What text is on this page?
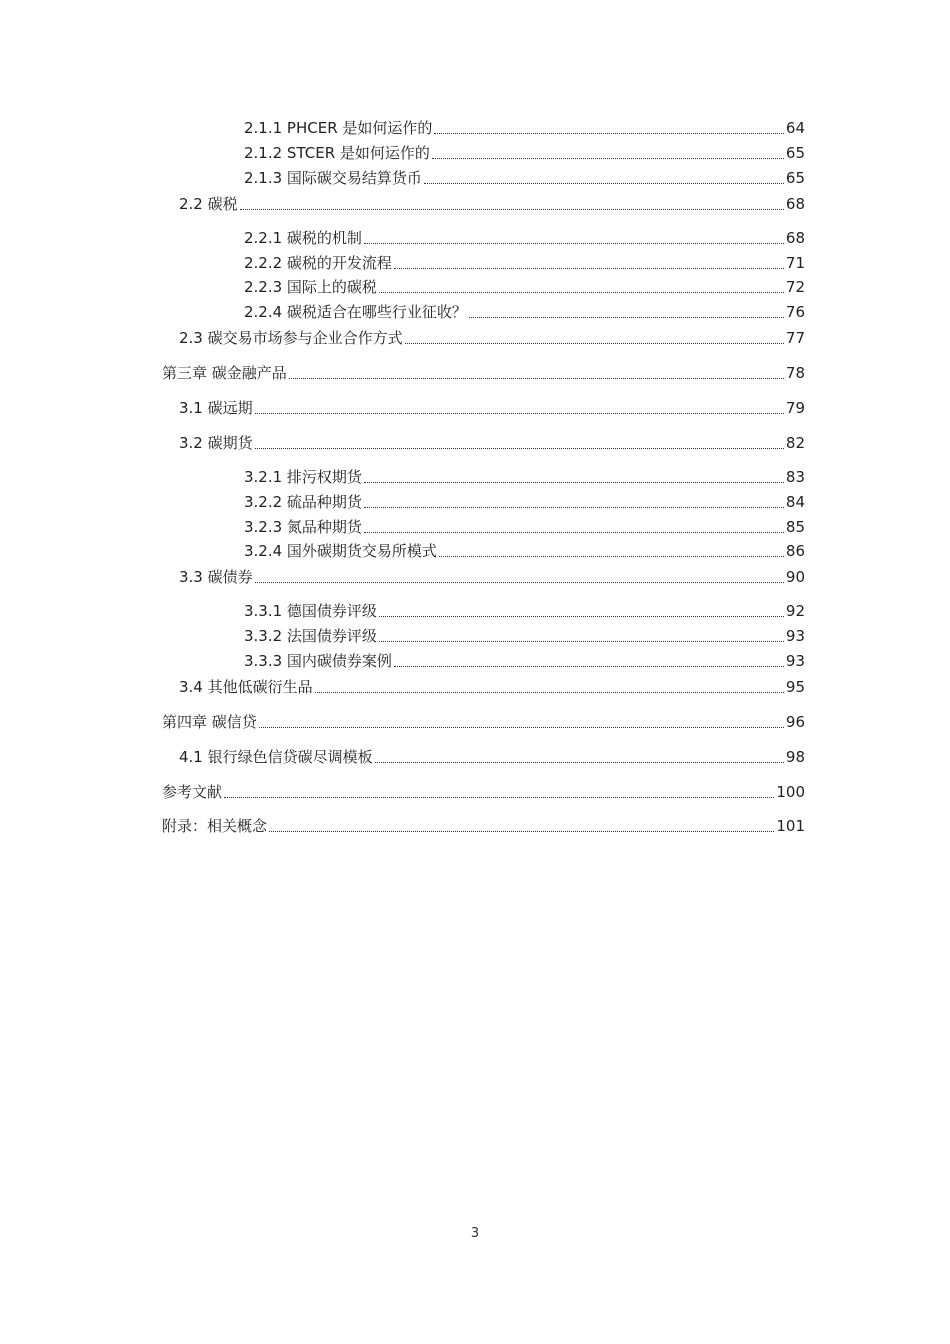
2.1.1 PHCER 是如何运作的	64
2.1.2 STCER 是如何运作的	65
2.1.3 国际碳交易结算货币	65
2.2 碳税	68
2.2.1 碳税的机制	68
2.2.2 碳税的开发流程	71
2.2.3 国际上的碳税	72
2.2.4 碳税适合在哪些行业征收？	76
2.3 碳交易市场参与企业合作方式	77
第三章 碳金融产品	78
3.1 碳远期	79
3.2 碳期货	82
3.2.1 排污权期货	83
3.2.2 硫品种期货	84
3.2.3 氮品种期货	85
3.2.4 国外碳期货交易所模式	86
3.3 碳债券	90
3.3.1 德国债券评级	92
3.3.2 法国债券评级	93
3.3.3 国内碳债券案例	93
3.4 其他低碳衍生品	95
第四章 碳信贷	96
4.1 银行绿色信贷碳尽调模板	98
参考文献	100
附录：相关概念	101
3
